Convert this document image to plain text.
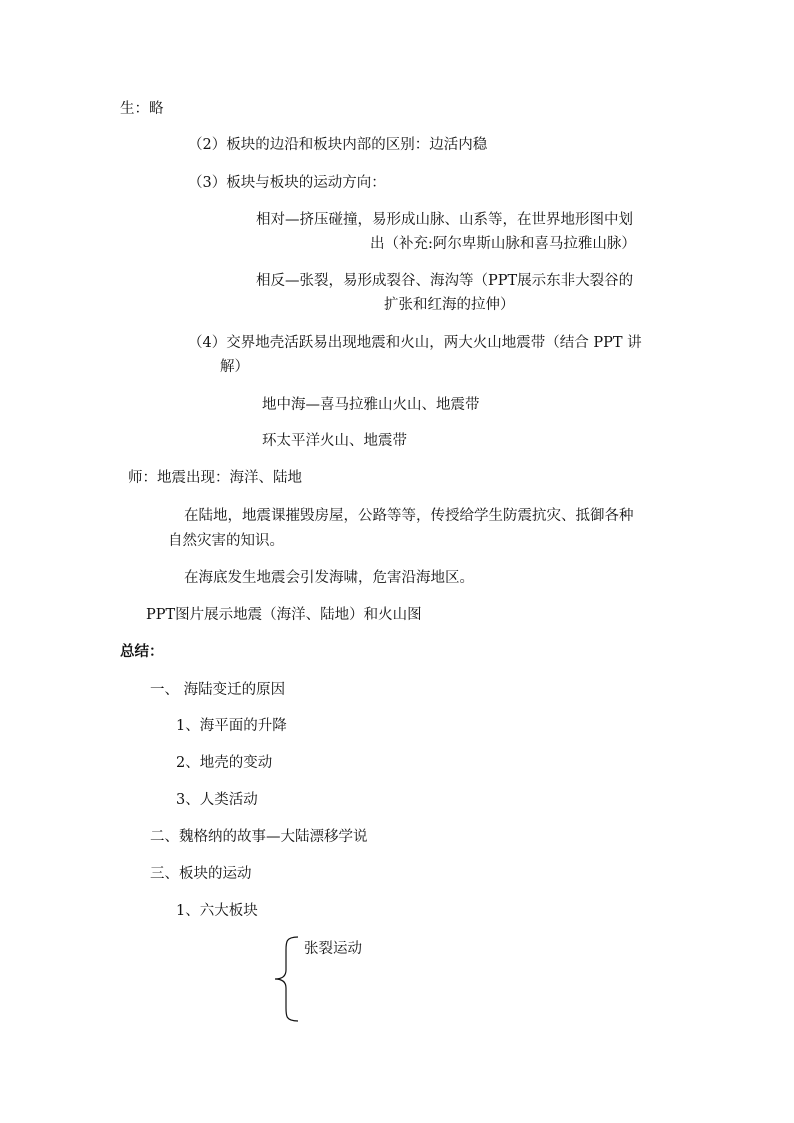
生：略

（2）板块的边沿和板块内部的区别：边活内稳

（3）板块与板块的运动方向：

相对—挤压碰撞，易形成山脉、山系等，在世界地形图中划

出（补充:阿尔卑斯山脉和喜马拉雅山脉）

相反—张裂，易形成裂谷、海沟等（PPT展示东非大裂谷的

扩张和红海的拉伸）

（4）交界地壳活跃易出现地震和火山，两大火山地震带（结合 PPT 讲

解）

地中海—喜马拉雅山火山、地震带

环太平洋火山、地震带

师：地震出现：海洋、陆地

在陆地，地震课摧毁房屋，公路等等，传授给学生防震抗灾、抵御各种

自然灾害的知识。

在海底发生地震会引发海啸，危害沿海地区。

PPT图片展示地震（海洋、陆地）和火山图

总结：

一、 海陆变迁的原因

1、海平面的升降

2、地壳的变动

3、人类活动

二、魏格纳的故事—大陆漂移学说

三、板块的运动

1、六大板块

张裂运动
